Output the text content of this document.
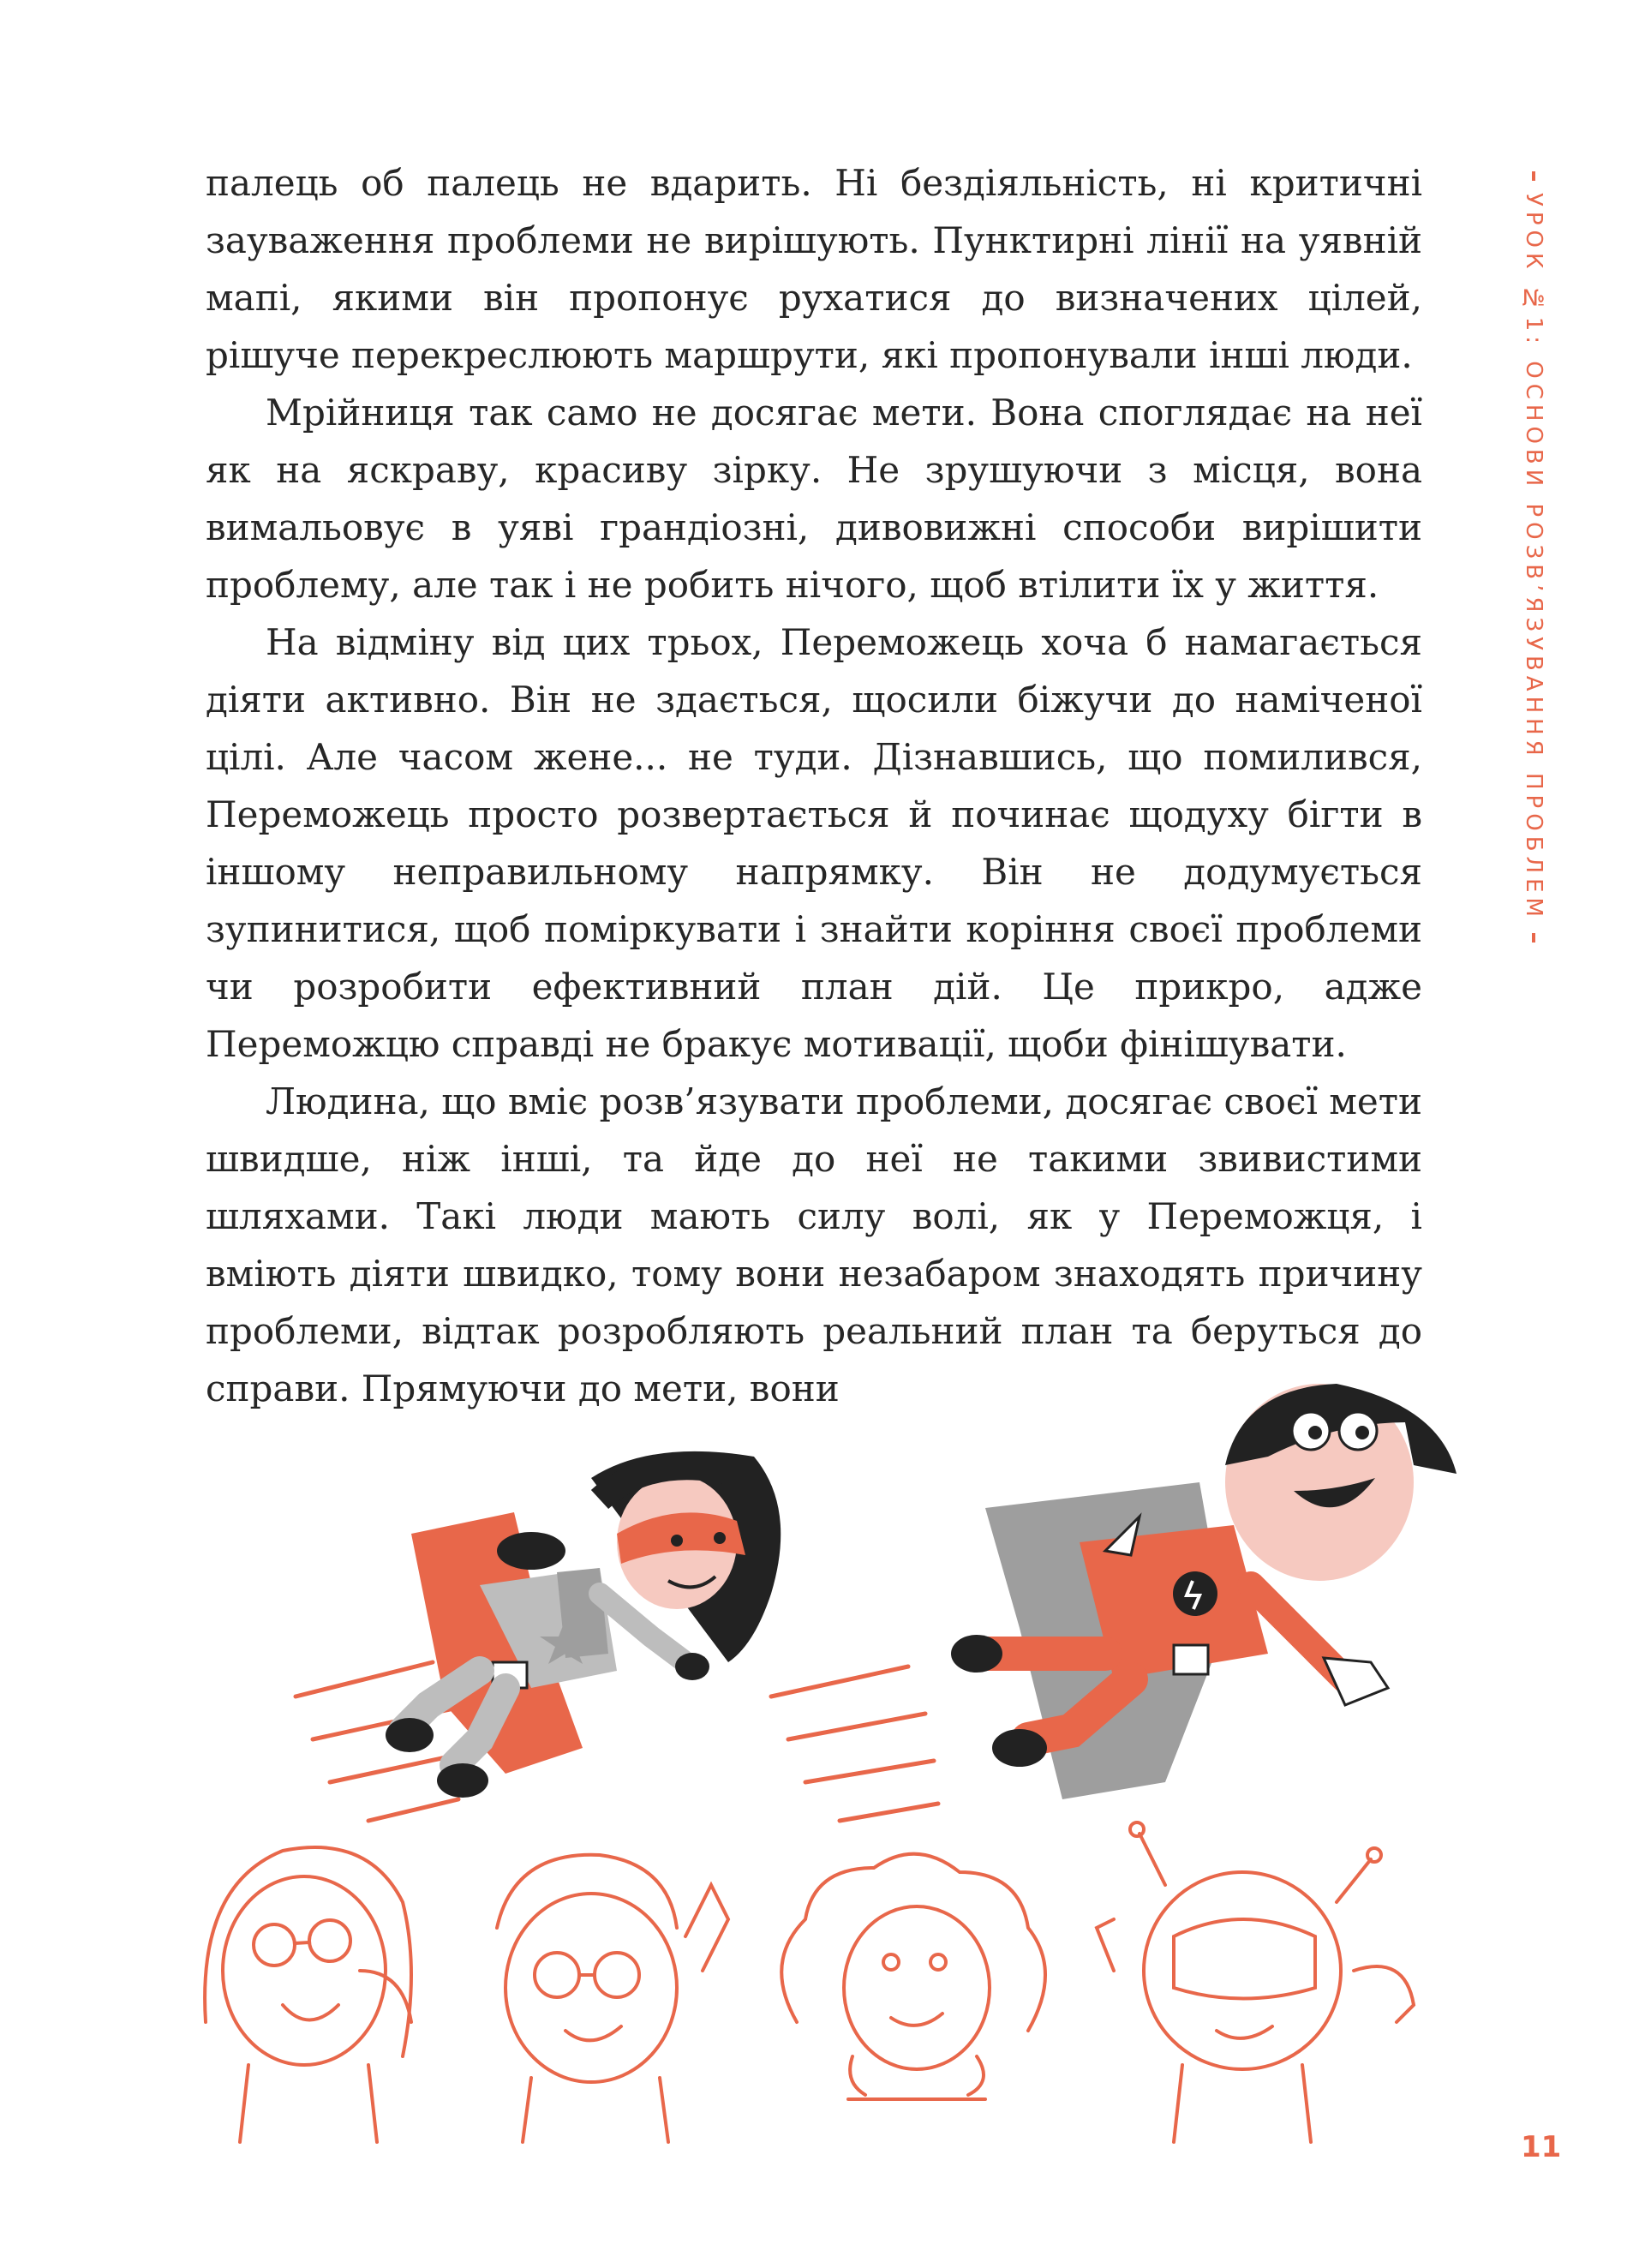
палець об палець не вдарить. Ні бездіяльність, ні критичні зауваження проблеми не вирішують. Пунктирні лінії на уявній мапі, якими він пропонує рухатися до визначених цілей, рішуче перекреслюють маршрути, які пропонували інші люди.

Мрійниця так само не досягає мети. Вона споглядає на неї як на яскраву, красиву зірку. Не зрушуючи з місця, вона вимальовує в уяві грандіозні, дивовижні способи вирішити проблему, але так і не робить нічого, щоб втілити їх у життя.

На відміну від цих трьох, Переможець хоча б намагається діяти активно. Він не здається, щосили біжучи до наміченої цілі. Але часом жене... не туди. Дізнавшись, що помилився, Переможець просто розвертається й починає щодуху бігти в іншому неправильному напрямку. Він не додумується зупинитися, щоб поміркувати і знайти коріння своєї проблеми чи розробити ефективний план дій. Це прикро, адже Переможцю справді не бракує мотивації, щоби фінішувати.

Людина, що вміє розв’язувати проблеми, досягає своєї мети швидше, ніж інші, та йде до неї не такими звивистими шляхами. Такі люди мають силу волі, як у Переможця, і вміють діяти швидко, тому вони незабаром знаходять причину проблеми, відтак розробляють реальний план та беруться до справи. Прямуючи до мети, вони

УРОК №1: ОСНОВИ РОЗВ’ЯЗУВАННЯ ПРОБЛЕМ
11
